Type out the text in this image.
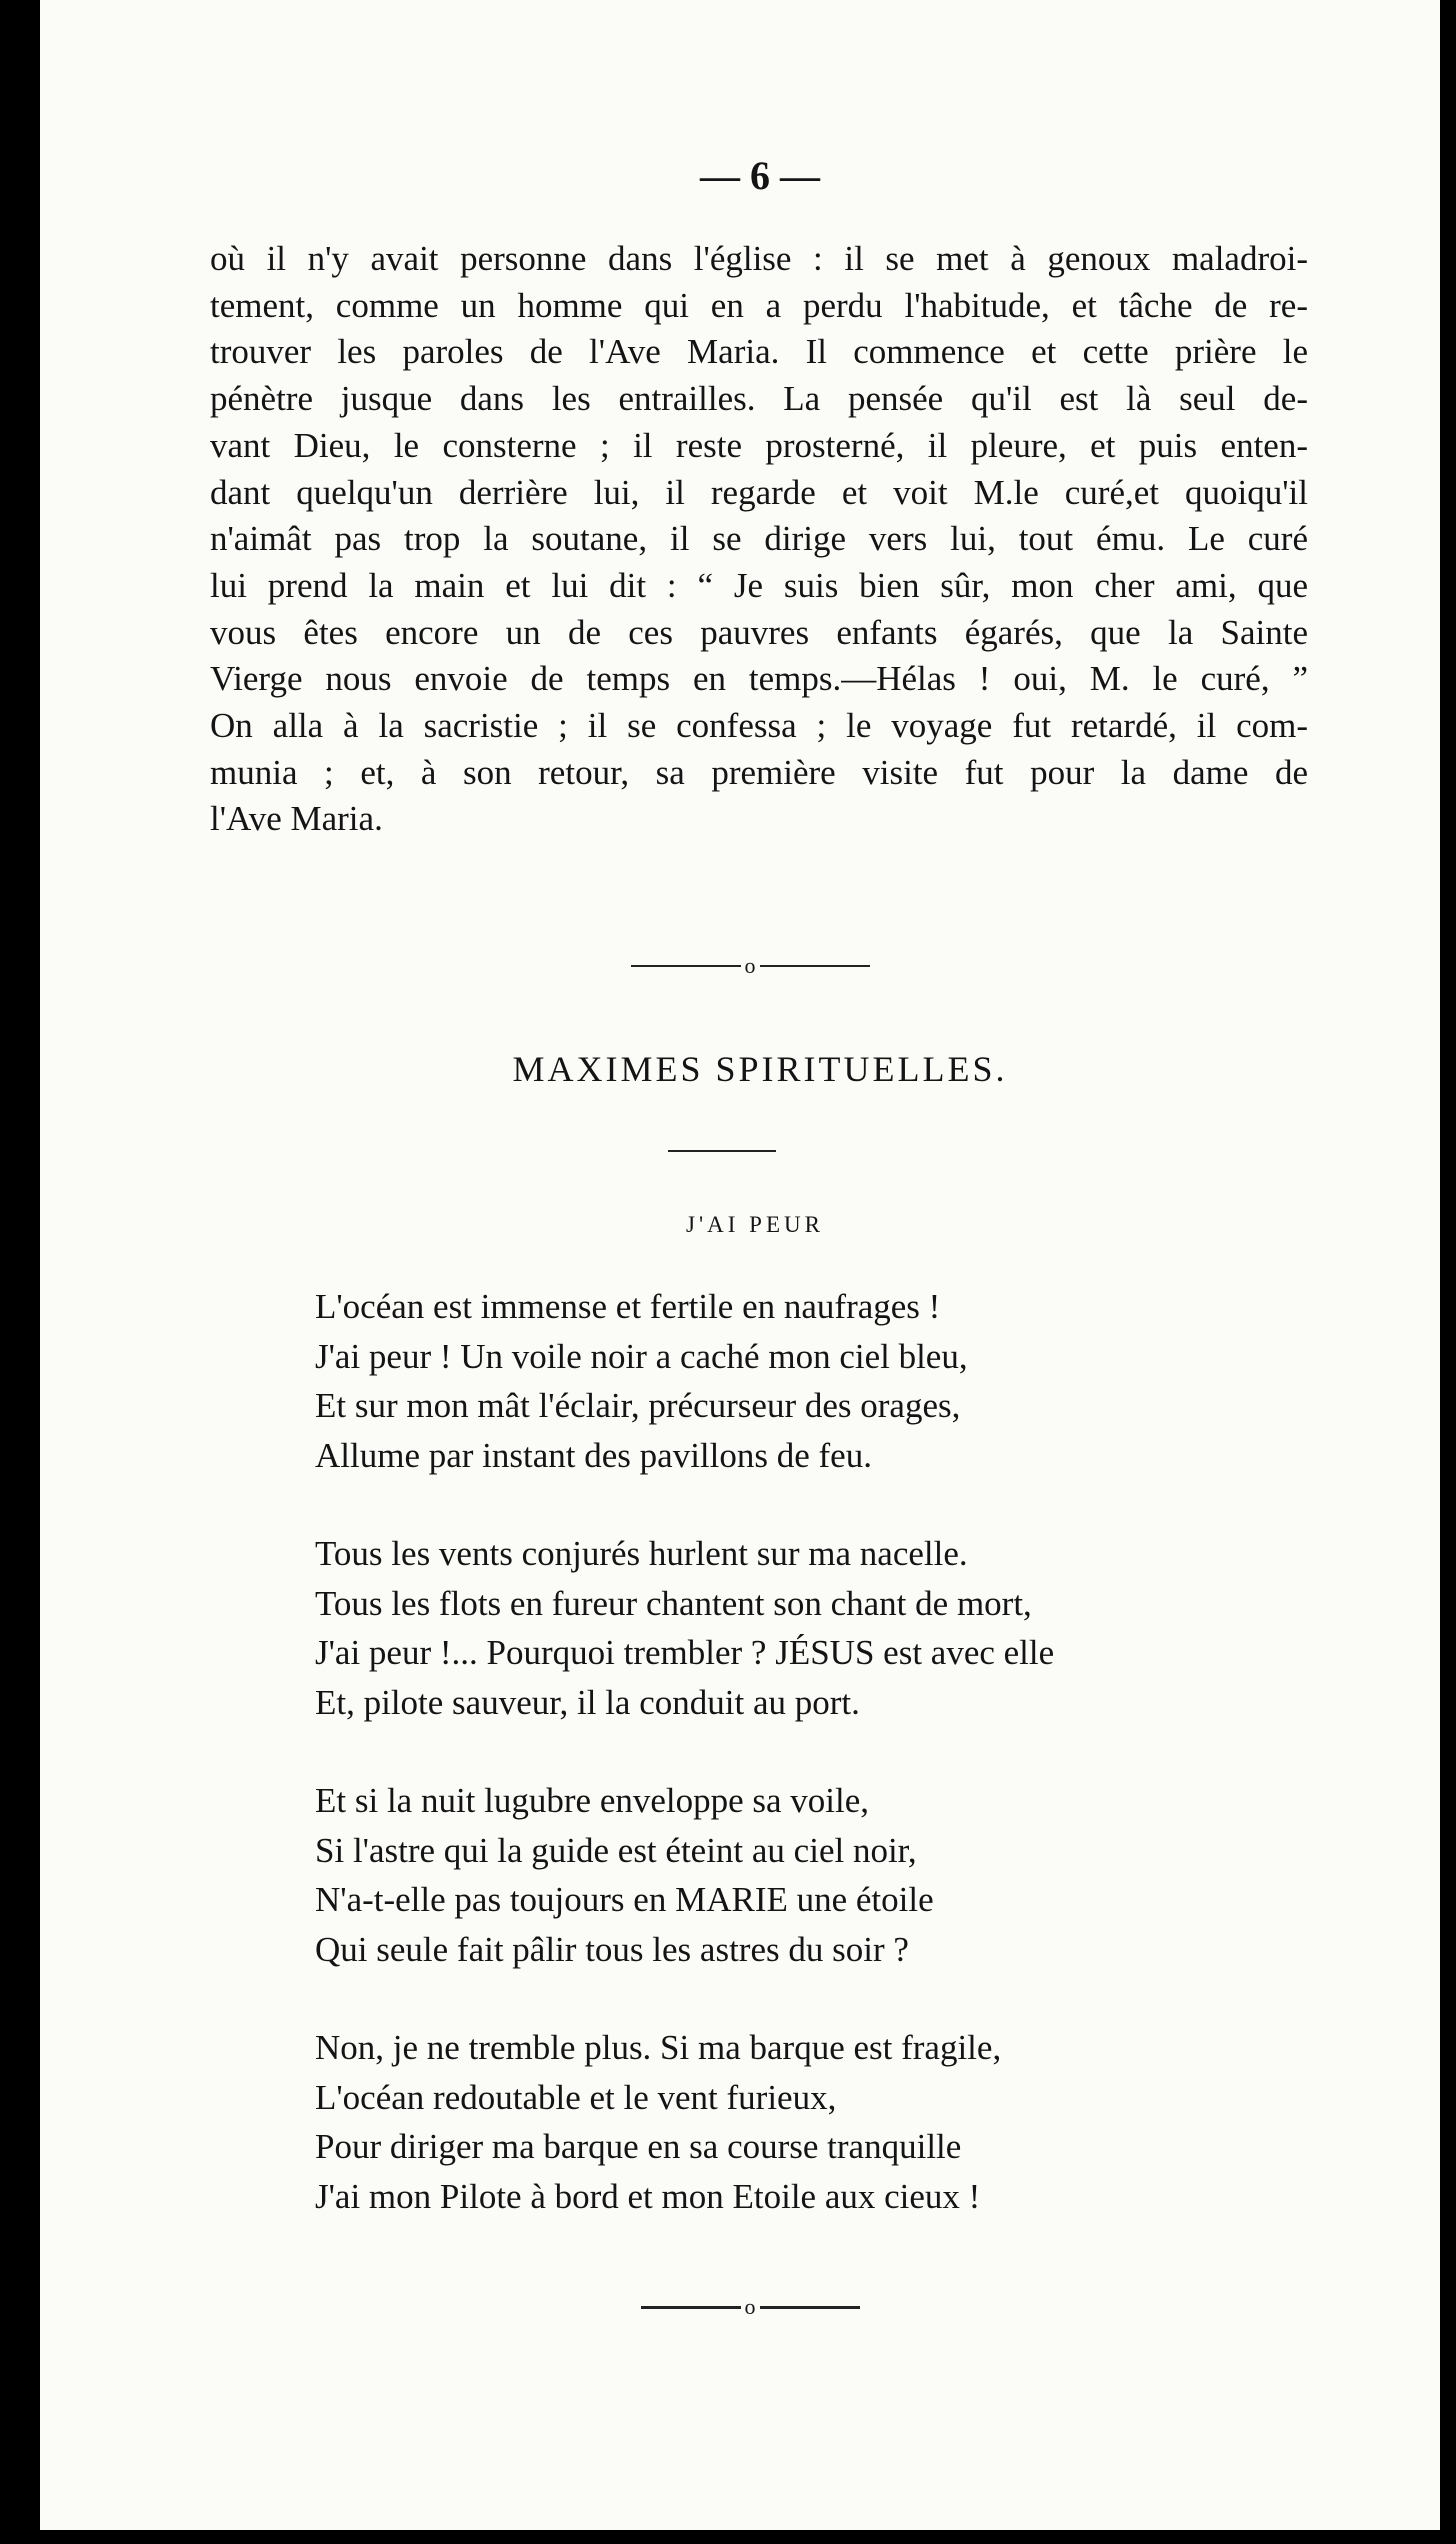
— 6 —
où il n'y avait personne dans l'église : il se met à genoux maladroi-
tement, comme un homme qui en a perdu l'habitude, et tâche de re-
trouver les paroles de l'Ave Maria. Il commence et cette prière le
pénètre jusque dans les entrailles. La pensée qu'il est là seul de-
vant Dieu, le consterne ; il reste prosterné, il pleure, et puis enten-
dant quelqu'un derrière lui, il regarde et voit M.le curé,et quoiqu'il
n'aimât pas trop la soutane, il se dirige vers lui, tout ému. Le curé
lui prend la main et lui dit : “ Je suis bien sûr, mon cher ami, que
vous êtes encore un de ces pauvres enfants égarés, que la Sainte
Vierge nous envoie de temps en temps.—Hélas ! oui, M. le curé, ”
On alla à la sacristie ; il se confessa ; le voyage fut retardé, il com-
munia ; et, à son retour, sa première visite fut pour la dame de
l'Ave Maria.
o
MAXIMES SPIRITUELLES.
J'AI PEUR
L'océan est immense et fertile en naufrages !
J'ai peur ! Un voile noir a caché mon ciel bleu,
Et sur mon mât l'éclair, précurseur des orages,
Allume par instant des pavillons de feu.
Tous les vents conjurés hurlent sur ma nacelle.
Tous les flots en fureur chantent son chant de mort,
J'ai peur !... Pourquoi trembler ? JÉSUS est avec elle
Et, pilote sauveur, il la conduit au port.
Et si la nuit lugubre enveloppe sa voile,
Si l'astre qui la guide est éteint au ciel noir,
N'a-t-elle pas toujours en MARIE une étoile
Qui seule fait pâlir tous les astres du soir ?
Non, je ne tremble plus. Si ma barque est fragile,
L'océan redoutable et le vent furieux,
Pour diriger ma barque en sa course tranquille
J'ai mon Pilote à bord et mon Etoile aux cieux !
o
